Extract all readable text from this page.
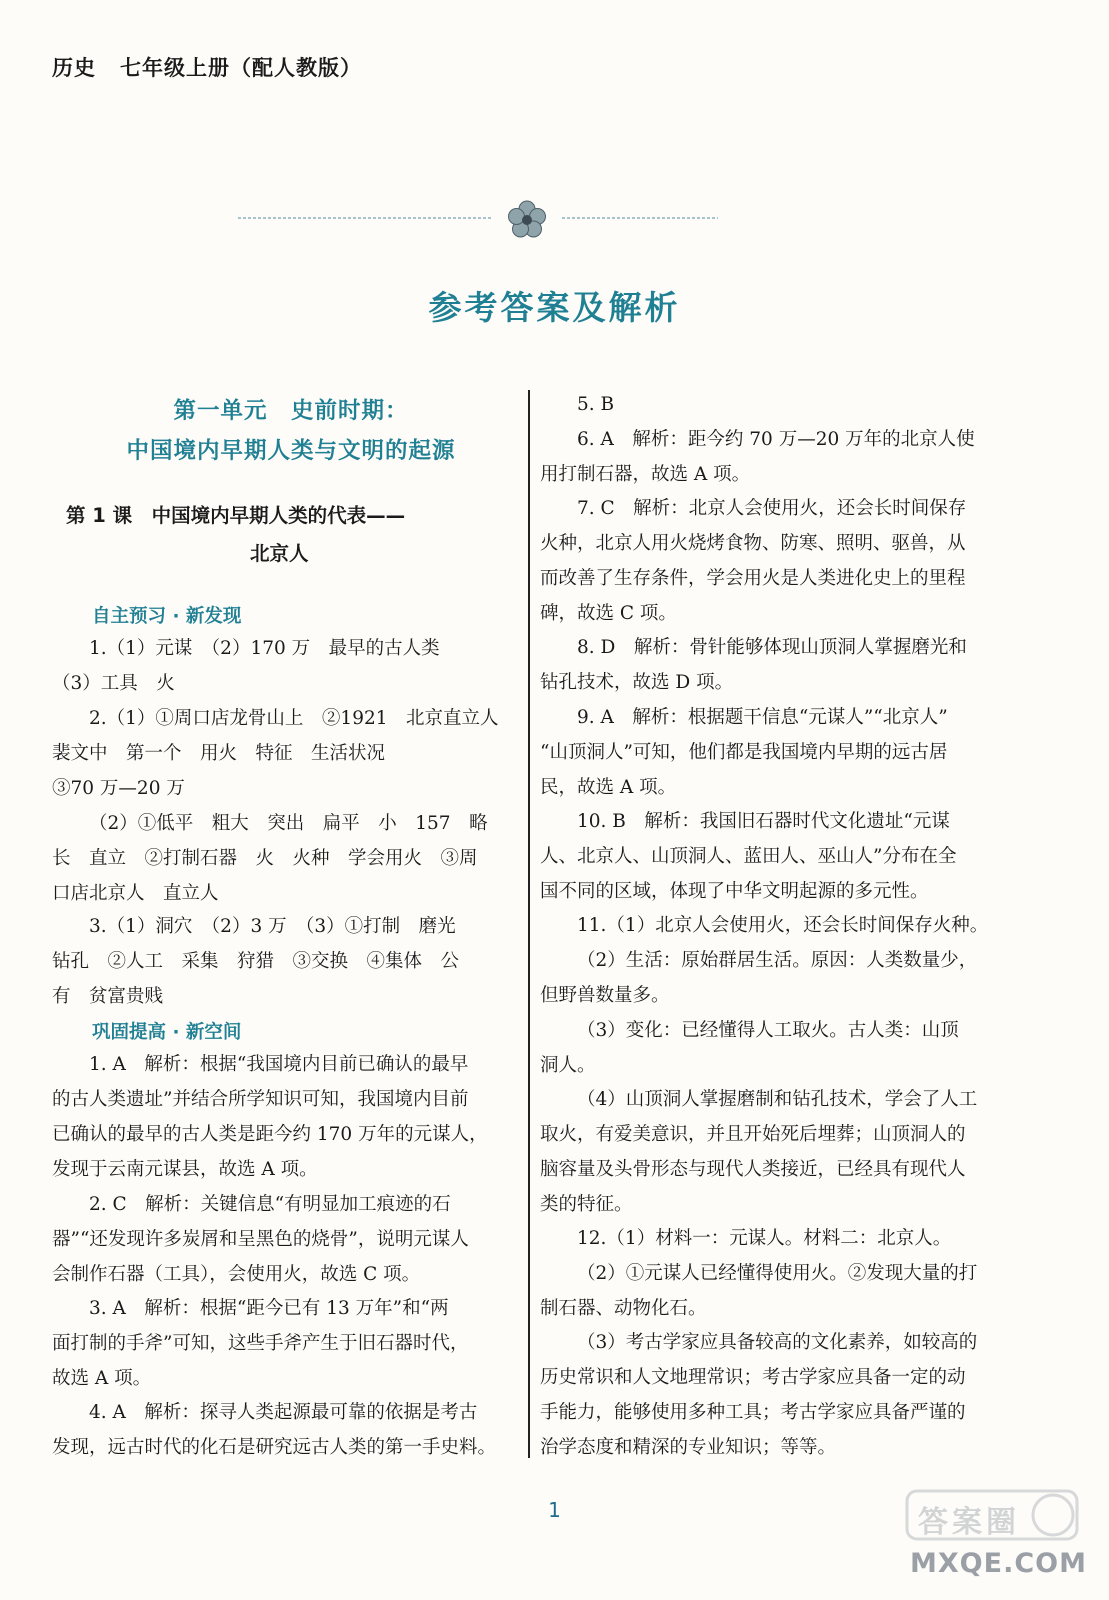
历史 七年级上册（配人教版）
参考答案及解析
第一单元　史前时期：
中国境内早期人类与文明的起源
第 1 课　中国境内早期人类的代表——
北京人
自主预习 · 新发现
巩固提高 · 新空间
1.（1）元谋　（2）170 万　最早的古人类
（3）工具　火
2.（1）①周口店龙骨山上　②1921　北京直立人
裴文中　第一个　用火　特征　生活状况
③70 万—20 万
（2）①低平　粗大　突出　扁平　小　157　略
长　直立　②打制石器　火　火种　学会用火　③周
口店北京人　直立人
3.（1）洞穴　（2）3 万　（3）①打制　磨光
钻孔　②人工　采集　狩猎　③交换　④集体　公
有　贫富贵贱
1. A　解析：根据“我国境内目前已确认的最早
的古人类遗址”并结合所学知识可知，我国境内目前
已确认的最早的古人类是距今约 170 万年的元谋人，
发现于云南元谋县，故选 A 项。
2. C　解析：关键信息“有明显加工痕迹的石
器”“还发现许多炭屑和呈黑色的烧骨”，说明元谋人
会制作石器（工具），会使用火，故选 C 项。
3. A　解析：根据“距今已有 13 万年”和“两
面打制的手斧”可知，这些手斧产生于旧石器时代，
故选 A 项。
4. A　解析：探寻人类起源最可靠的依据是考古
发现，远古时代的化石是研究远古人类的第一手史料。
5. B
6. A　解析：距今约 70 万—20 万年的北京人使
用打制石器，故选 A 项。
7. C　解析：北京人会使用火，还会长时间保存
火种，北京人用火烧烤食物、防寒、照明、驱兽，从
而改善了生存条件，学会用火是人类进化史上的里程
碑，故选 C 项。
8. D　解析：骨针能够体现山顶洞人掌握磨光和
钻孔技术，故选 D 项。
9. A　解析：根据题干信息“元谋人”“北京人”
“山顶洞人”可知，他们都是我国境内早期的远古居
民，故选 A 项。
10. B　解析：我国旧石器时代文化遗址“元谋
人、北京人、山顶洞人、蓝田人、巫山人”分布在全
国不同的区域，体现了中华文明起源的多元性。
11.（1）北京人会使用火，还会长时间保存火种。
（2）生活：原始群居生活。原因：人类数量少，
但野兽数量多。
（3）变化：已经懂得人工取火。古人类：山顶
洞人。
（4）山顶洞人掌握磨制和钻孔技术，学会了人工
取火，有爱美意识，并且开始死后埋葬；山顶洞人的
脑容量及头骨形态与现代人类接近，已经具有现代人
类的特征。
12.（1）材料一：元谋人。材料二：北京人。
（2）①元谋人已经懂得使用火。②发现大量的打
制石器、动物化石。
（3）考古学家应具备较高的文化素养，如较高的
历史常识和人文地理常识；考古学家应具备一定的动
手能力，能够使用多种工具；考古学家应具备严谨的
治学态度和精深的专业知识；等等。
1
MXQE.COM
答案圈
